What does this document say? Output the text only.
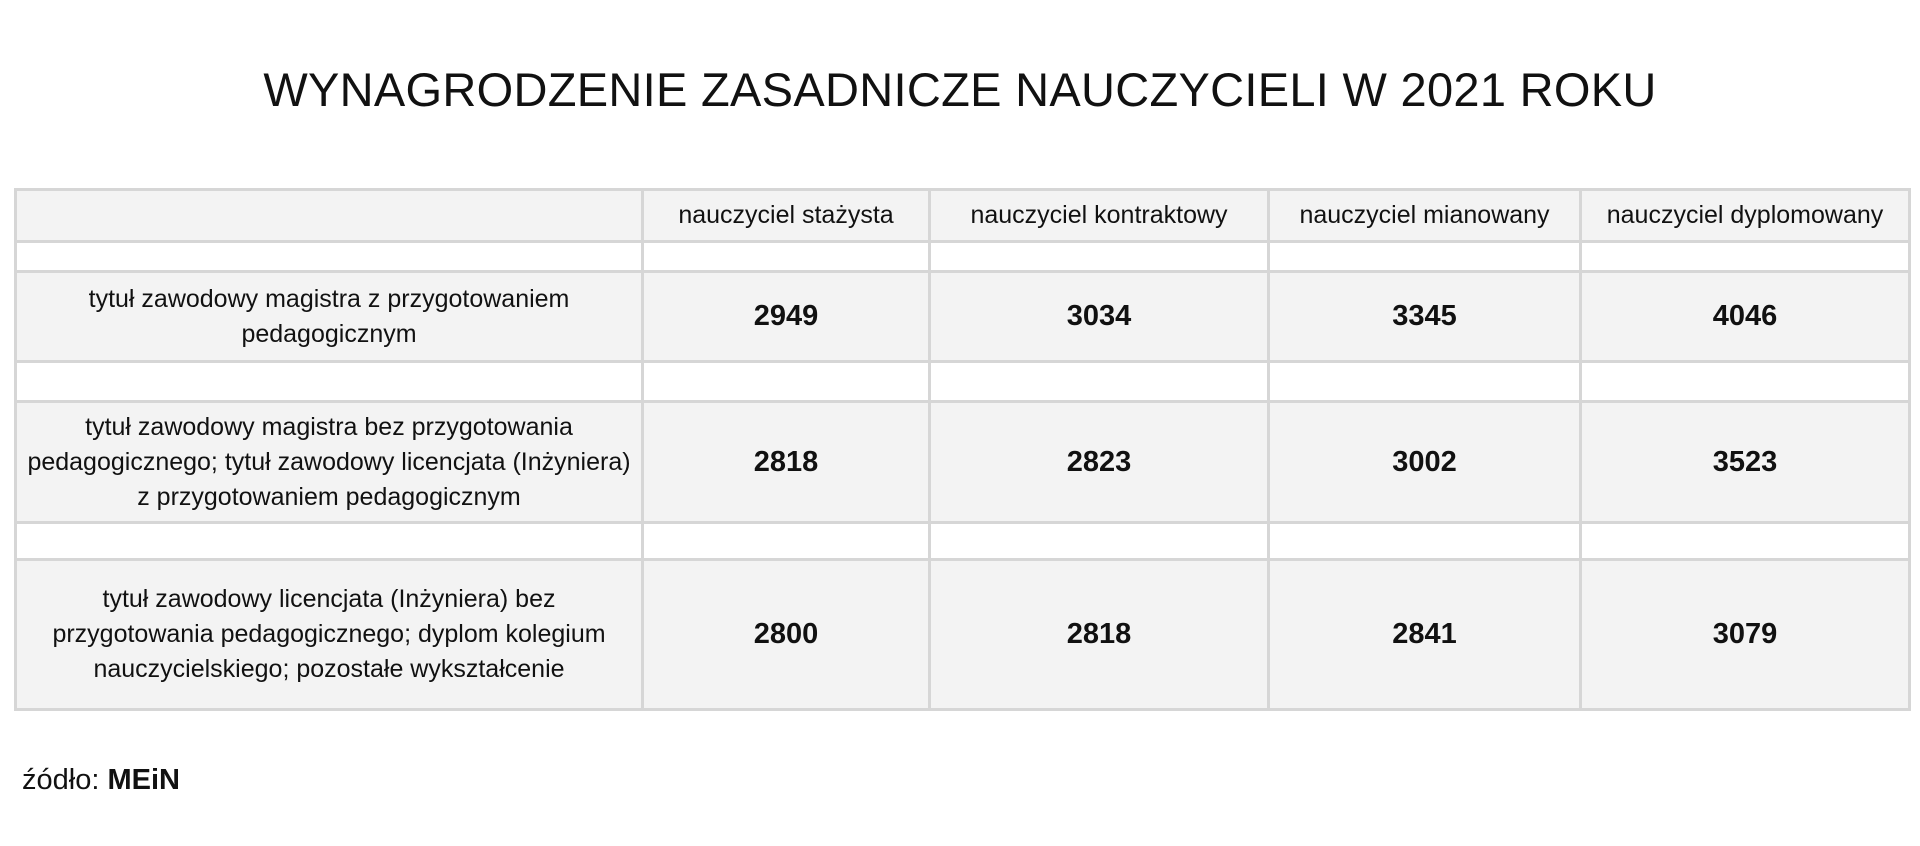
WYNAGRODZENIE ZASADNICZE NAUCZYCIELI W 2021 ROKU
	nauczyciel stażysta	nauczyciel kontraktowy	nauczyciel mianowany	nauczyciel dyplomowany

tytuł zawodowy magistra z przygotowaniem pedagogicznym	2949	3034	3345	4046

tytuł zawodowy magistra bez przygotowania pedagogicznego; tytuł zawodowy licencjata (Inżyniera) z przygotowaniem pedagogicznym	2818	2823	3002	3523

tytuł zawodowy licencjata (Inżyniera) bez przygotowania pedagogicznego; dyplom kolegium nauczycielskiego; pozostałe wykształcenie	2800	2818	2841	3079
źódło: MEiN
